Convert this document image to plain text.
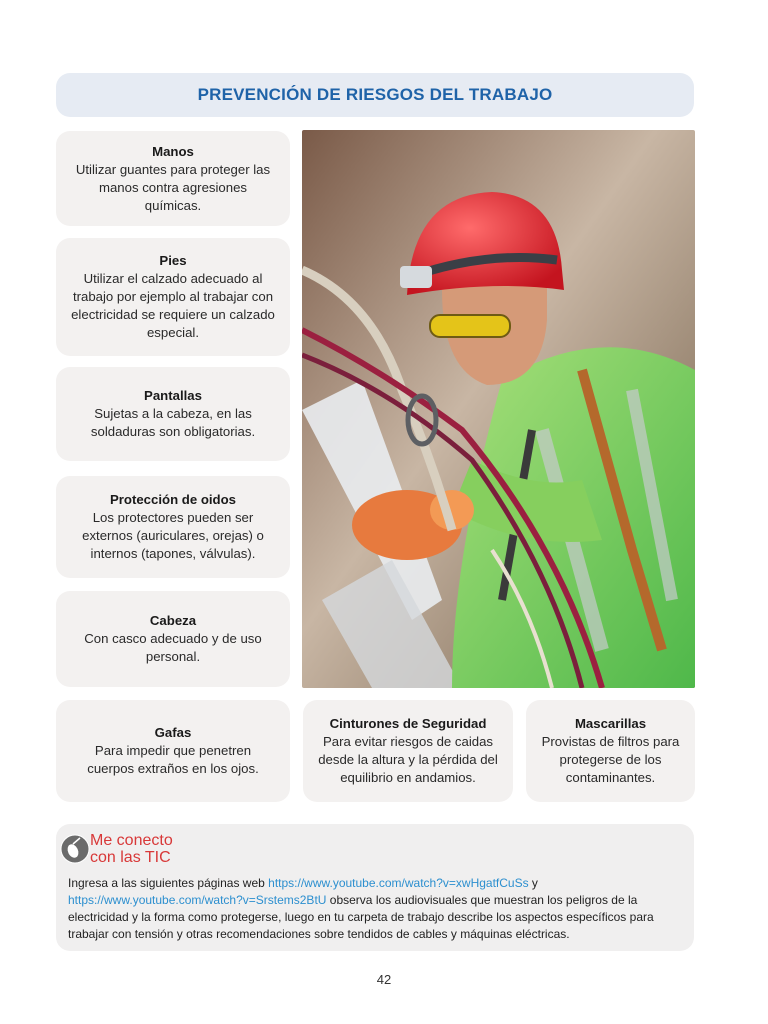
PREVENCIÓN DE RIESGOS DEL TRABAJO
Manos
Utilizar guantes para proteger las manos contra agresiones químicas.
Pies
Utilizar el calzado adecuado al trabajo por ejemplo al trabajar con electricidad se requiere un calzado especial.
Pantallas
Sujetas a la cabeza, en las soldaduras son obligatorias.
Protección de oidos
Los protectores pueden ser externos (auriculares, orejas) o internos (tapones, válvulas).
Cabeza
Con casco adecuado y de uso personal.
Gafas
Para impedir que penetren cuerpos extraños en los ojos.
Cinturones de Seguridad
Para evitar riesgos de caidas desde la altura y la pérdida del equilibrio en andamios.
Mascarillas
Provistas de filtros para protegerse de los contaminantes.
Me conecto
con las TIC
Ingresa a las siguientes páginas web https://www.youtube.com/watch?v=xwHgatfCuSs y https://www.youtube.com/watch?v=Srstems2BtU observa los audiovisuales que muestran los peligros de la electricidad y la forma como protegerse, luego en tu carpeta de trabajo describe los aspectos específicos para trabajar con tensión y otras recomendaciones sobre tendidos de cables y máquinas eléctricas.
42
